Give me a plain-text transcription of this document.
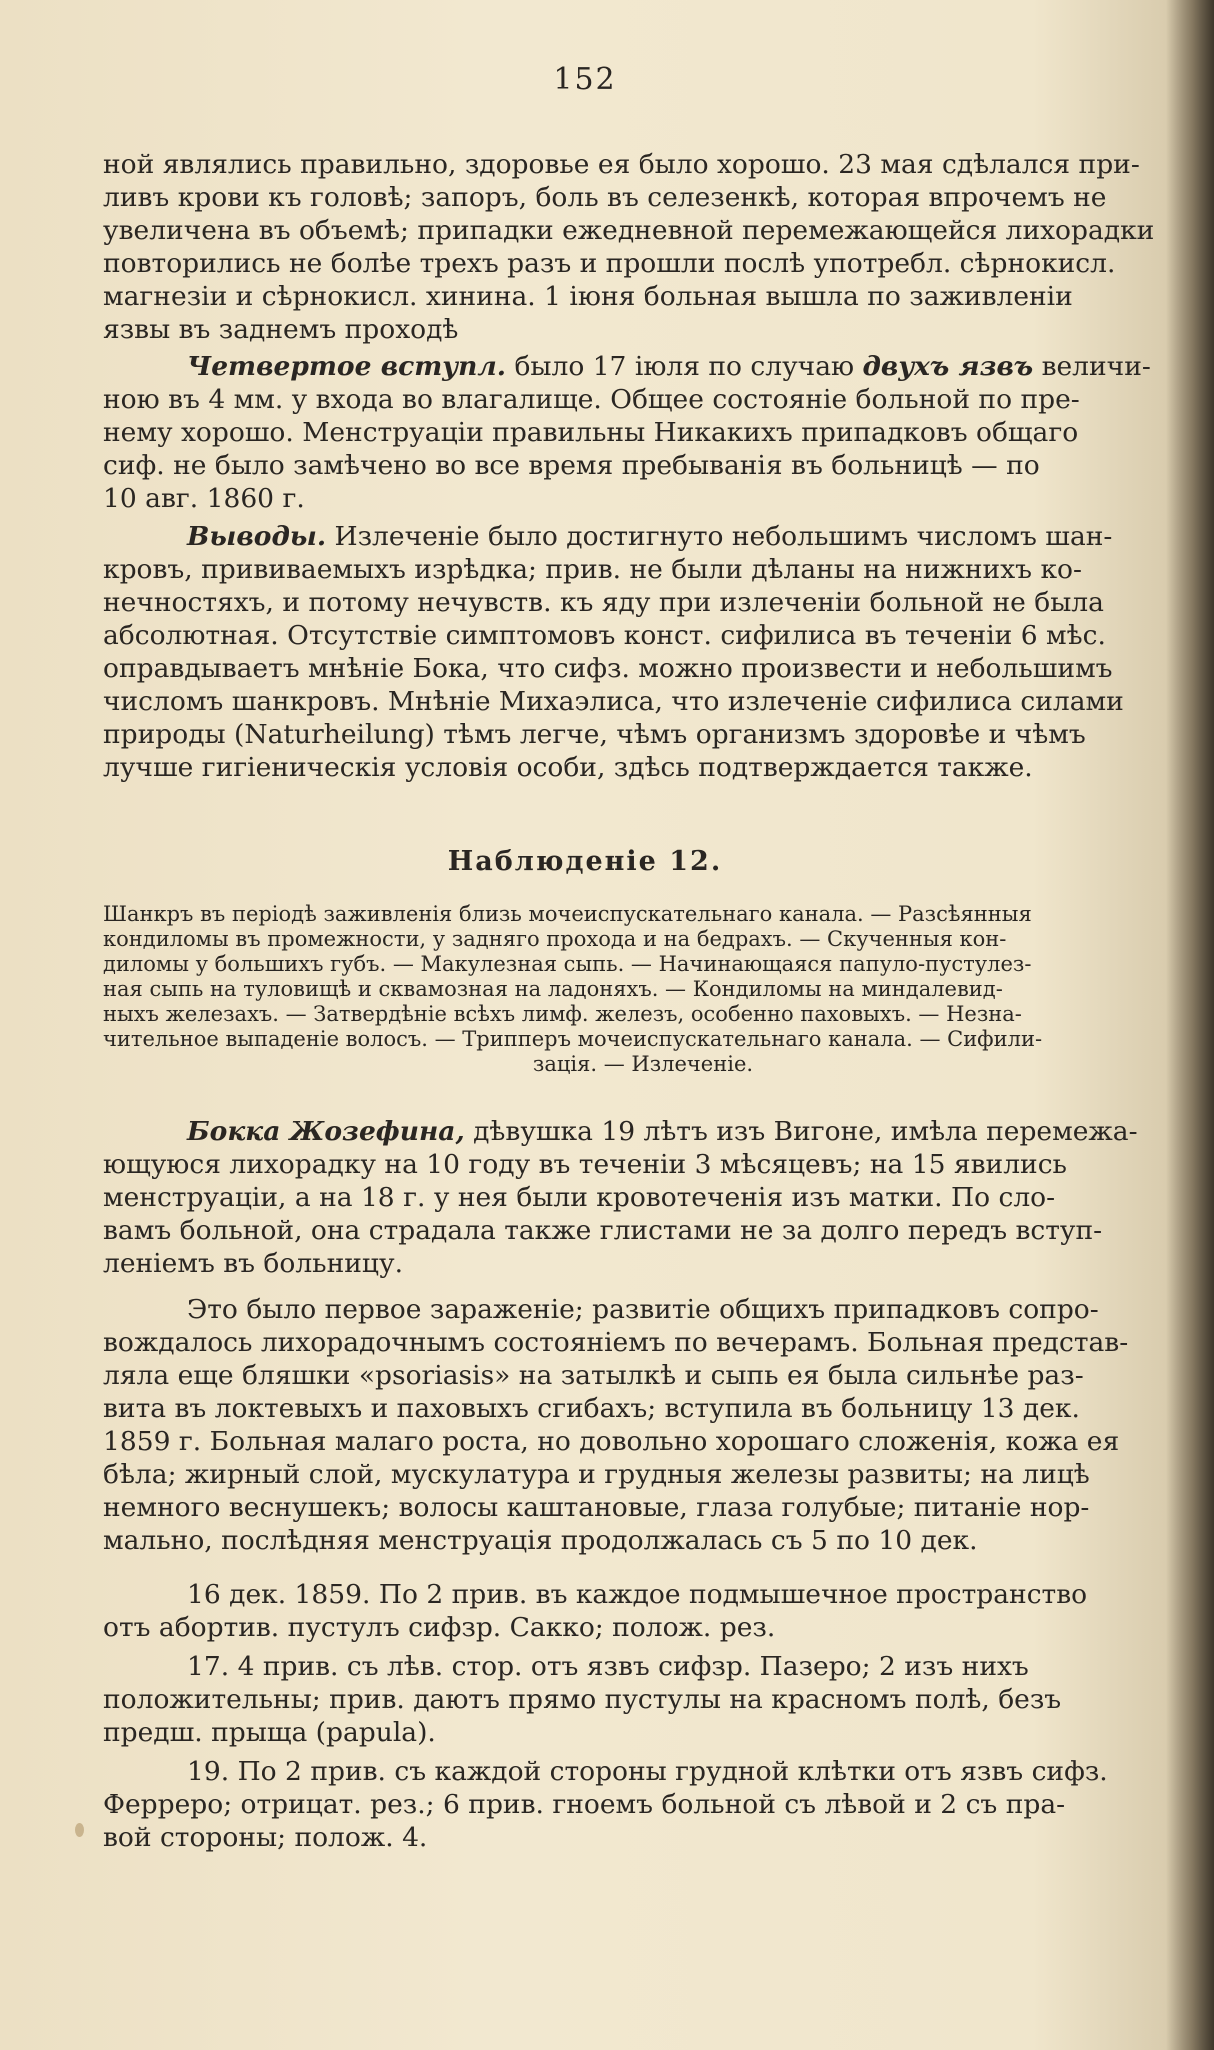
152
ной являлись правильно, здоровье ея было хорошо. 23 мая сдѣлался при-
ливъ крови къ головѣ; запоръ, боль въ селезенкѣ, которая впрочемъ не
увеличена въ объемѣ; припадки ежедневной перемежающейся лихорадки
повторились не болѣе трехъ разъ и прошли послѣ употребл. сѣрнокисл.
магнезіи и сѣрнокисл. хинина. 1 іюня больная вышла по заживленіи
язвы въ заднемъ проходѣ
Четвертое вступл. было 17 іюля по случаю двухъ язвъ величи-
ною въ 4 мм. у входа во влагалище. Общее состояніе больной по пре-
нему хорошо. Менструаціи правильны Никакихъ припадковъ общаго
сиф. не было замѣчено во все время пребыванія въ больницѣ — по
10 авг. 1860 г.
Выводы. Излеченіе было достигнуто небольшимъ числомъ шан-
кровъ, прививаемыхъ изрѣдка; прив. не были дѣланы на нижнихъ ко-
нечностяхъ, и потому нечувств. къ яду при излеченіи больной не была
абсолютная. Отсутствіе симптомовъ конст. сифилиса въ теченіи 6 мѣс.
оправдываетъ мнѣніе Бока, что сифз. можно произвести и небольшимъ
числомъ шанкровъ. Мнѣніе Михаэлиса, что излеченіе сифилиса силами
природы (Naturheilung) тѣмъ легче, чѣмъ организмъ здоровѣе и чѣмъ
лучше гигіеническія условія особи, здѣсь подтверждается также.
Наблюденіе 12.
Шанкръ въ періодѣ заживленія близь мочеиспускательнаго канала. — Разсѣянныя
кондиломы въ промежности, у задняго прохода и на бедрахъ. — Скученныя кон-
диломы у большихъ губъ. — Макулезная сыпь. — Начинающаяся папуло-пустулез-
ная сыпь на туловищѣ и сквамозная на ладоняхъ. — Кондиломы на миндалевид-
ныхъ железахъ. — Затвердѣніе всѣхъ лимф. железъ, особенно паховыхъ. — Незна-
чительное выпаденіе волосъ. — Трипперъ мочеиспускательнаго канала. — Сифили-
зація. — Излеченіе.
Бокка Жозефина, дѣвушка 19 лѣтъ изъ Вигоне, имѣла перемежа-
ющуюся лихорадку на 10 году въ теченіи 3 мѣсяцевъ; на 15 явились
менструаціи, а на 18 г. у нея были кровотеченія изъ матки. По сло-
вамъ больной, она страдала также глистами не за долго передъ вступ-
леніемъ въ больницу.
Это было первое зараженіе; развитіе общихъ припадковъ сопро-
вождалось лихорадочнымъ состояніемъ по вечерамъ. Больная представ-
ляла еще бляшки «psoriasis» на затылкѣ и сыпь ея была сильнѣе раз-
вита въ локтевыхъ и паховыхъ сгибахъ; вступила въ больницу 13 дек.
1859 г. Больная малаго роста, но довольно хорошаго сложенія, кожа ея
бѣла; жирный слой, мускулатура и грудныя железы развиты; на лицѣ
немного веснушекъ; волосы каштановые, глаза голубые; питаніе нор-
мально, послѣдняя менструація продолжалась съ 5 по 10 дек.
16 дек. 1859. По 2 прив. въ каждое подмышечное пространство
отъ абортив. пустулъ сифзр. Сакко; полож. рез.
17. 4 прив. съ лѣв. стор. отъ язвъ сифзр. Пазеро; 2 изъ нихъ
положительны; прив. даютъ прямо пустулы на красномъ полѣ, безъ
предш. прыща (papula).
19. По 2 прив. съ каждой стороны грудной клѣтки отъ язвъ сифз.
Ферреро; отрицат. рез.; 6 прив. гноемъ больной съ лѣвой и 2 съ пра-
вой стороны; полож. 4.
